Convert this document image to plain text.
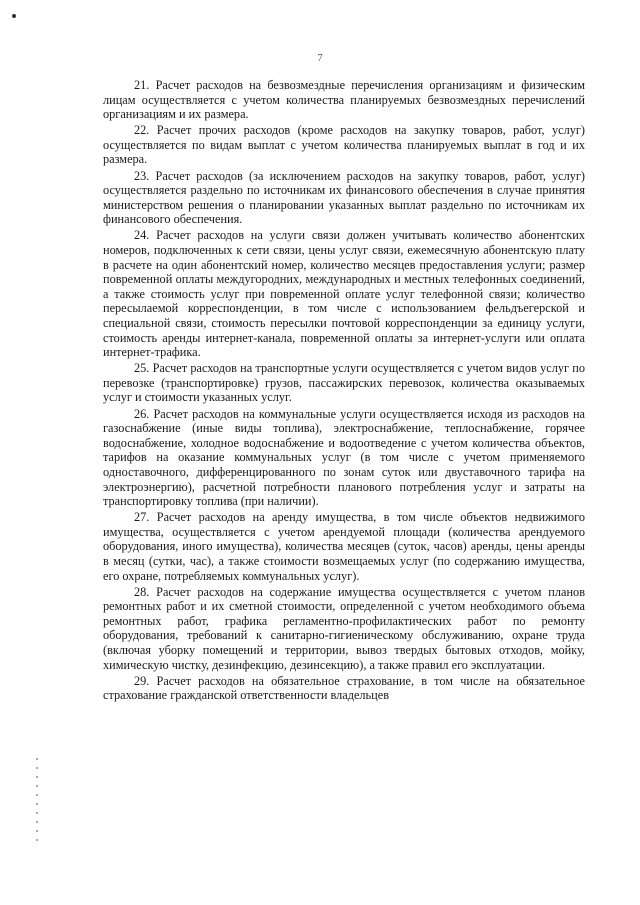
7

21. Расчет расходов на безвозмездные перечисления организациям и физическим лицам осуществляется с учетом количества планируемых безвозмездных перечислений организациям и их размера.

22. Расчет прочих расходов (кроме расходов на закупку товаров, работ, услуг) осуществляется по видам выплат с учетом количества планируемых выплат в год и их размера.

23. Расчет расходов (за исключением расходов на закупку товаров, работ, услуг) осуществляется раздельно по источникам их финансового обеспечения в случае принятия министерством решения о планировании указанных выплат раздельно по источникам их финансового обеспечения.

24. Расчет расходов на услуги связи должен учитывать количество абонентских номеров, подключенных к сети связи, цены услуг связи, ежемесячную абонентскую плату в расчете на один абонентский номер, количество месяцев предоставления услуги; размер повременной оплаты междугородних, международных и местных телефонных соединений, а также стоимость услуг при повременной оплате услуг телефонной связи; количество пересылаемой корреспонденции, в том числе с использованием фельдъегерской и специальной связи, стоимость пересылки почтовой корреспонденции за единицу услуги, стоимость аренды интернет-канала, повременной оплаты за интернет-услуги или оплата интернет-трафика.

25. Расчет расходов на транспортные услуги осуществляется с учетом видов услуг по перевозке (транспортировке) грузов, пассажирских перевозок, количества оказываемых услуг и стоимости указанных услуг.

26. Расчет расходов на коммунальные услуги осуществляется исходя из расходов на газоснабжение (иные виды топлива), электроснабжение, теплоснабжение, горячее водоснабжение, холодное водоснабжение и водоотведение с учетом количества объектов, тарифов на оказание коммунальных услуг (в том числе с учетом применяемого одноставочного, дифференцированного по зонам суток или двуставочного тарифа на электроэнергию), расчетной потребности планового потребления услуг и затраты на транспортировку топлива (при наличии).

27. Расчет расходов на аренду имущества, в том числе объектов недвижимого имущества, осуществляется с учетом арендуемой площади (количества арендуемого оборудования, иного имущества), количества месяцев (суток, часов) аренды, цены аренды в месяц (сутки, час), а также стоимости возмещаемых услуг (по содержанию имущества, его охране, потребляемых коммунальных услуг).

28. Расчет расходов на содержание имущества осуществляется с учетом планов ремонтных работ и их сметной стоимости, определенной с учетом необходимого объема ремонтных работ, графика регламентно-профилактических работ по ремонту оборудования, требований к санитарно-гигиеническому обслуживанию, охране труда (включая уборку помещений и территории, вывоз твердых бытовых отходов, мойку, химическую чистку, дезинфекцию, дезинсекцию), а также правил его эксплуатации.

29. Расчет расходов на обязательное страхование, в том числе на обязательное страхование гражданской ответственности владельцев
